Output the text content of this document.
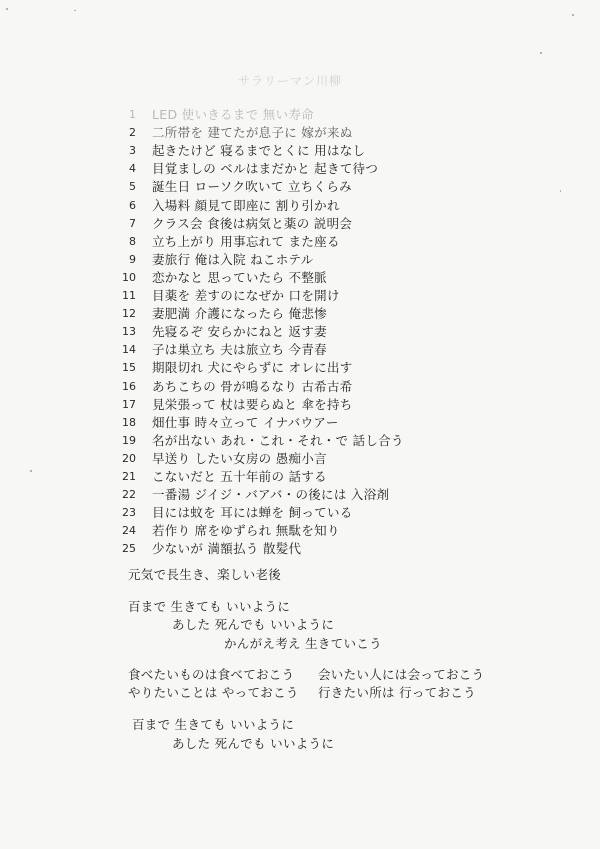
サラリーマン川柳
1 LED 使いきるまで 無い寿命
2 二所帯を 建てたが息子に 嫁が来ぬ
3 起きたけど 寝るまでとくに 用はなし
4 目覚ましの ベルはまだかと 起きて待つ
5 誕生日 ローソク吹いて 立ちくらみ
6 入場料 顔見て即座に 割り引かれ
7 クラス会 食後は病気と薬の 説明会
8 立ち上がり 用事忘れて また座る
9 妻旅行 俺は入院 ねこホテル
10 恋かなと 思っていたら 不整脈
11 目薬を 差すのになぜか 口を開け
12 妻肥満 介護になったら 俺悲惨
13 先寝るぞ 安らかにねと 返す妻
14 子は巣立ち 夫は旅立ち 今青春
15 期限切れ 犬にやらずに オレに出す
16 あちこちの 骨が鳴るなり 古希古希
17 見栄張って 杖は要らぬと 傘を持ち
18 畑仕事 時々立って イナバウアー
19 名が出ない あれ・これ・それ・で 話し合う
20 早送り したい女房の 愚痴小言
21 こないだと 五十年前の 話する
22 一番湯 ジイジ・バアバ・の後には 入浴剤
23 目には蚊を 耳には蝉を 飼っている
24 若作り 席をゆずられ 無駄を知り
25 少ないが 満額払う 散髪代
元気で長生き、楽しい老後
百まで 生きても いいように
あした 死んでも いいように
かんがえ考え 生きていこう
食べたいものは食べておこう
やりたいことは やっておこう
会いたい人には会っておこう
行きたい所は 行っておこう
百まで 生きても いいように
あした 死んでも いいように
